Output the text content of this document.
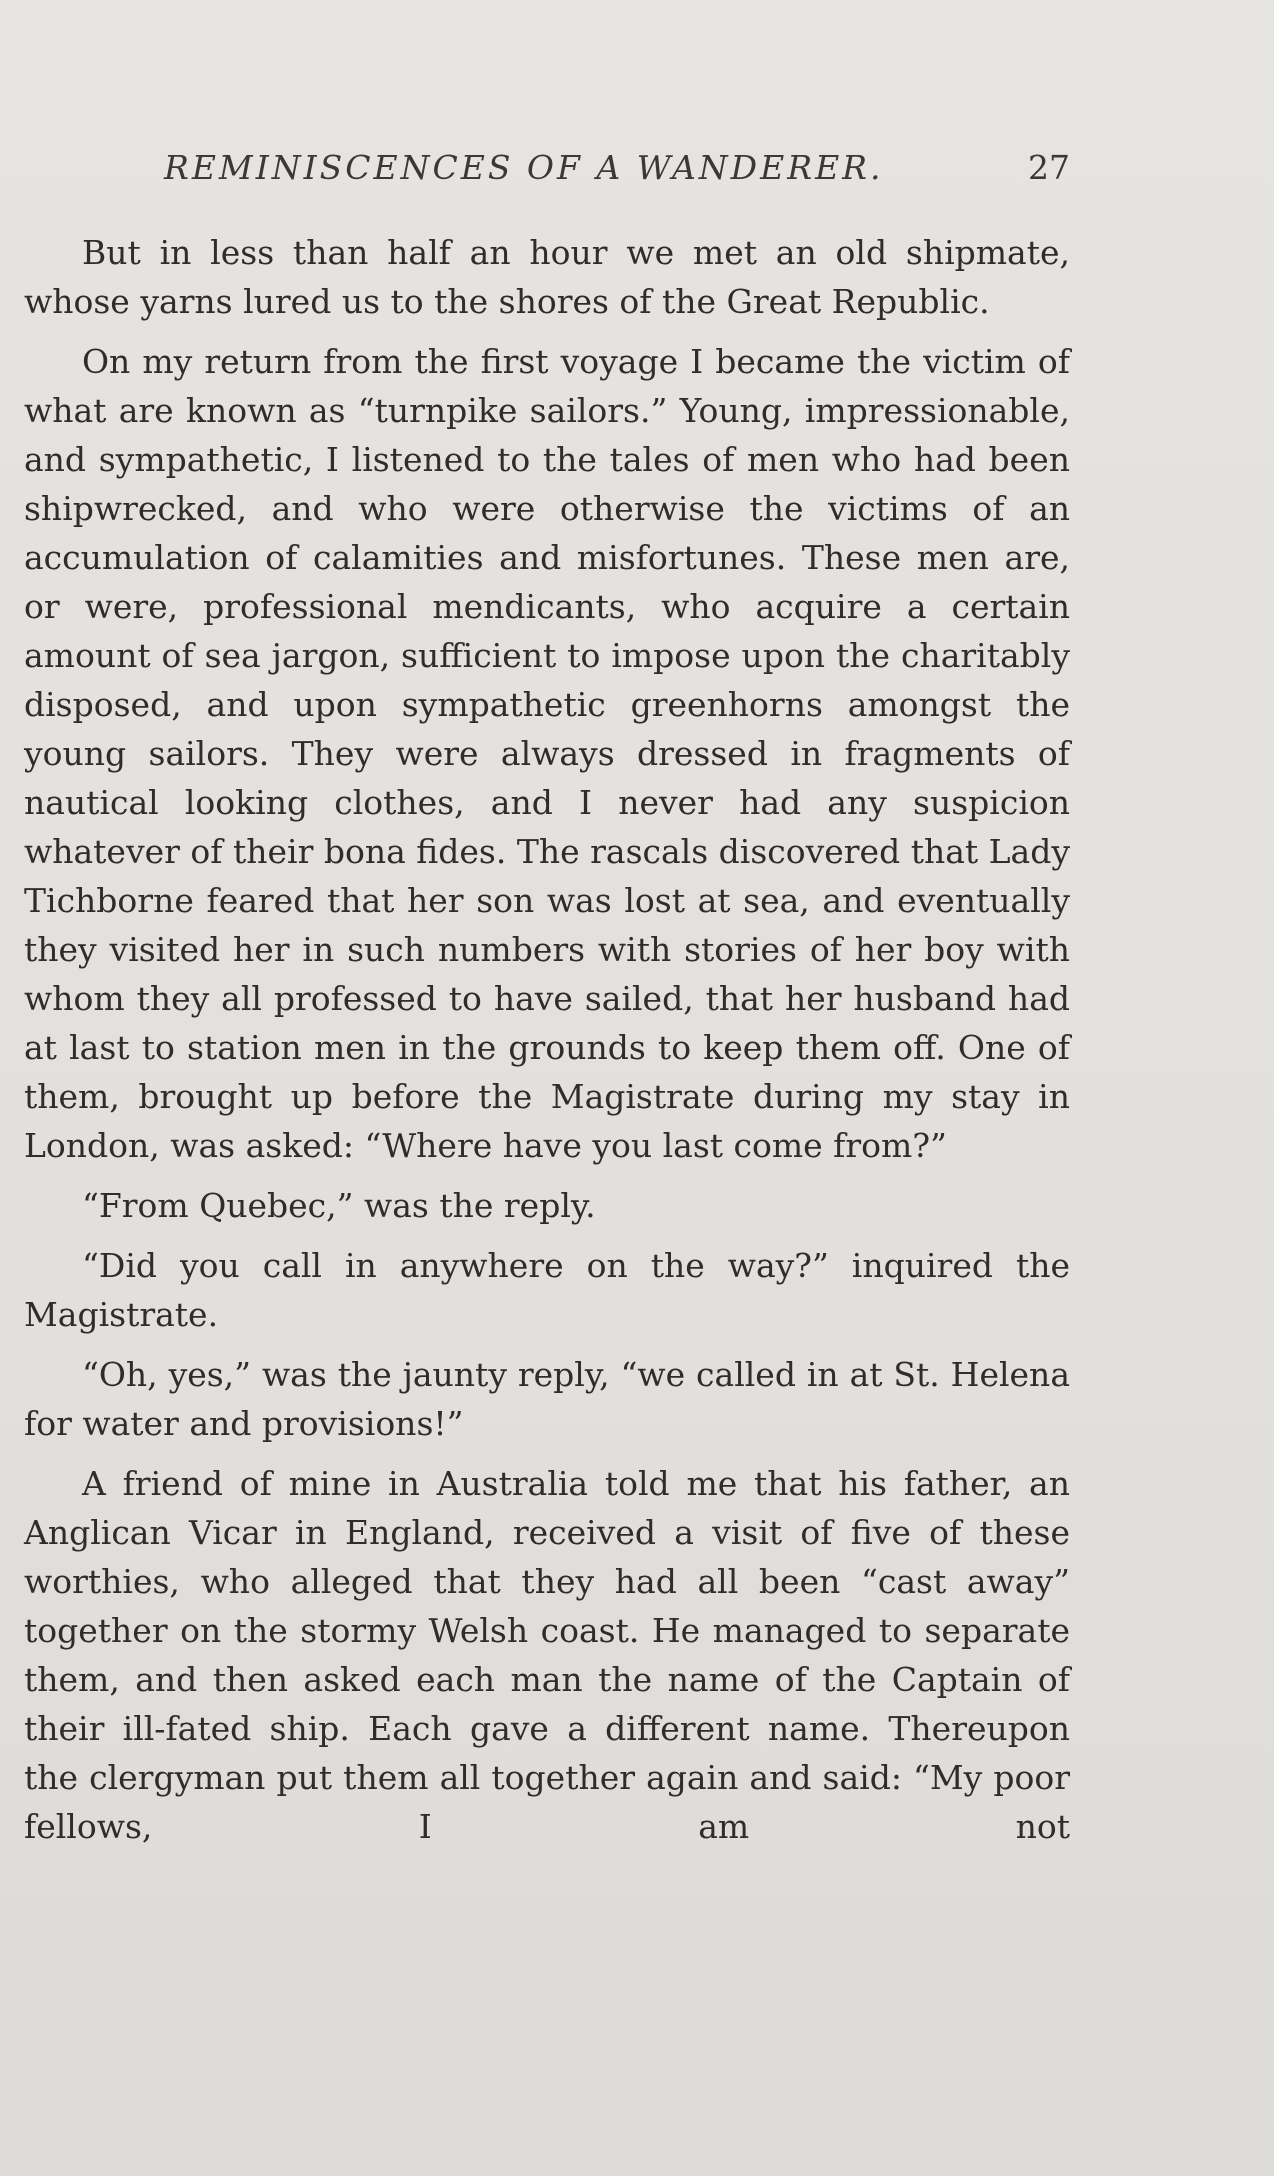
REMINISCENCES OF A WANDERER.	27

But in less than half an hour we met an old shipmate, whose yarns lured us to the shores of the Great Republic.

On my return from the first voyage I became the victim of what are known as “turnpike sailors.” Young, impressionable, and sympathetic, I listened to the tales of men who had been shipwrecked, and who were otherwise the victims of an accumulation of calamities and misfortunes. These men are, or were, professional mendicants, who acquire a certain amount of sea jargon, sufficient to impose upon the charitably disposed, and upon sympathetic greenhorns amongst the young sailors. They were always dressed in fragments of nautical looking clothes, and I never had any suspicion whatever of their bona fides. The rascals discovered that Lady Tichborne feared that her son was lost at sea, and eventually they visited her in such numbers with stories of her boy with whom they all professed to have sailed, that her husband had at last to station men in the grounds to keep them off. One of them, brought up before the Magistrate during my stay in London, was asked: “Where have you last come from?”

“From Quebec,” was the reply.

“Did you call in anywhere on the way?” inquired the Magistrate.

“Oh, yes,” was the jaunty reply, “we called in at St. Helena for water and provisions!”

A friend of mine in Australia told me that his father, an Anglican Vicar in England, received a visit of five of these worthies, who alleged that they had all been “cast away” together on the stormy Welsh coast. He managed to separate them, and then asked each man the name of the Captain of their ill-fated ship. Each gave a different name. Thereupon the clergyman put them all together again and said: “My poor fellows, I am not
